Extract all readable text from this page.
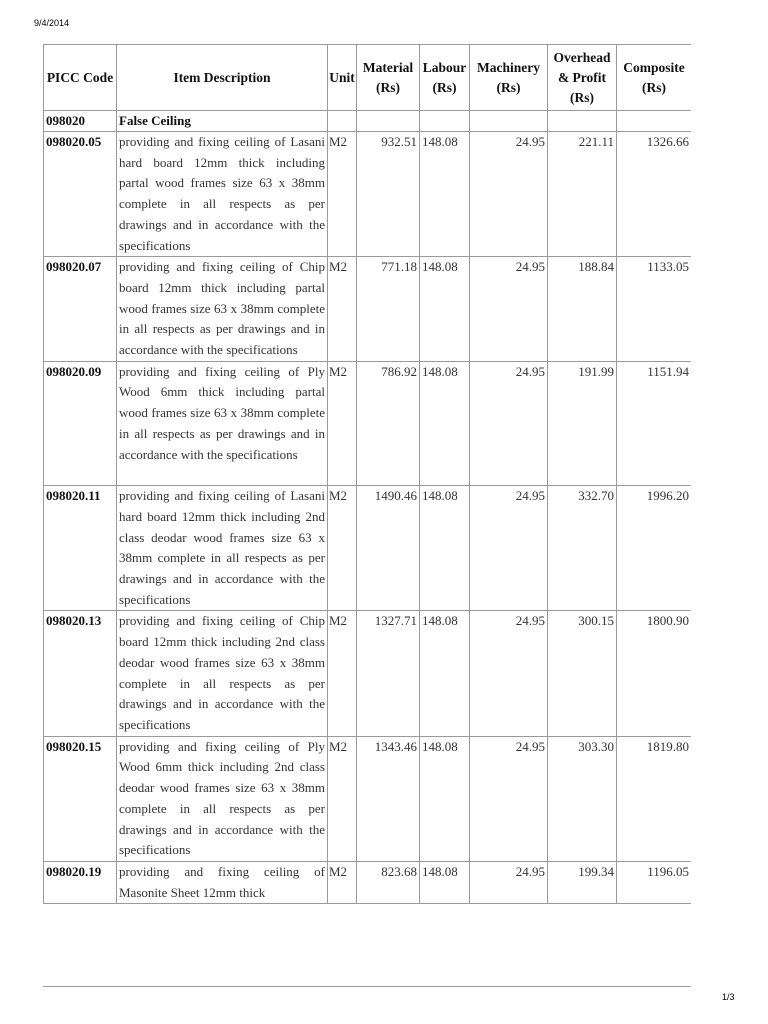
9/4/2014
PICC Code	Item Description	Unit	Material (Rs)	Labour (Rs)	Machinery (Rs)	Overhead & Profit (Rs)	Composite (Rs)
098020	False Ceiling						
098020.05	providing and fixing ceiling of Lasani hard board 12mm thick including partal wood frames size 63 x 38mm complete in all respects as per drawings and in accordance with the specifications	M2	932.51	148.08	24.95	221.11	1326.66
098020.07	providing and fixing ceiling of Chip board 12mm thick including partal wood frames size 63 x 38mm complete in all respects as per drawings and in accordance with the specifications	M2	771.18	148.08	24.95	188.84	1133.05
098020.09	providing and fixing ceiling of Ply Wood 6mm thick including partal wood frames size 63 x 38mm complete in all respects as per drawings and in accordance with the specifications	M2	786.92	148.08	24.95	191.99	1151.94
098020.11	providing and fixing ceiling of Lasani hard board 12mm thick including 2nd class deodar wood frames size 63 x 38mm complete in all respects as per drawings and in accordance with the specifications	M2	1490.46	148.08	24.95	332.70	1996.20
098020.13	providing and fixing ceiling of Chip board 12mm thick including 2nd class deodar wood frames size 63 x 38mm complete in all respects as per drawings and in accordance with the specifications	M2	1327.71	148.08	24.95	300.15	1800.90
098020.15	providing and fixing ceiling of Ply Wood 6mm thick including 2nd class deodar wood frames size 63 x 38mm complete in all respects as per drawings and in accordance with the specifications	M2	1343.46	148.08	24.95	303.30	1819.80
098020.19	providing and fixing ceiling of Masonite Sheet 12mm thick	M2	823.68	148.08	24.95	199.34	1196.05
1/3
